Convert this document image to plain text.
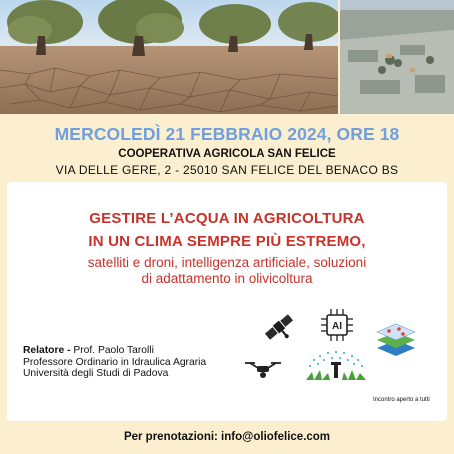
MERCOLEDÌ 21 FEBBRAIO 2024, ORE 18
COOPERATIVA AGRICOLA SAN FELICE
VIA DELLE GERE, 2 - 25010 SAN FELICE DEL BENACO BS
GESTIRE L’ACQUA IN AGRICOLTURA
IN UN CLIMA SEMPRE PIÙ ESTREMO,
satelliti e droni, intelligenza artificiale, soluzioni
di adattamento in olivicoltura
Relatore - Prof. Paolo Tarolli
Professore Ordinario in Idraulica Agraria
Università degli Studi di Padova
AI
Incontro aperto a tutti
Per prenotazioni: info@oliofelice.com
